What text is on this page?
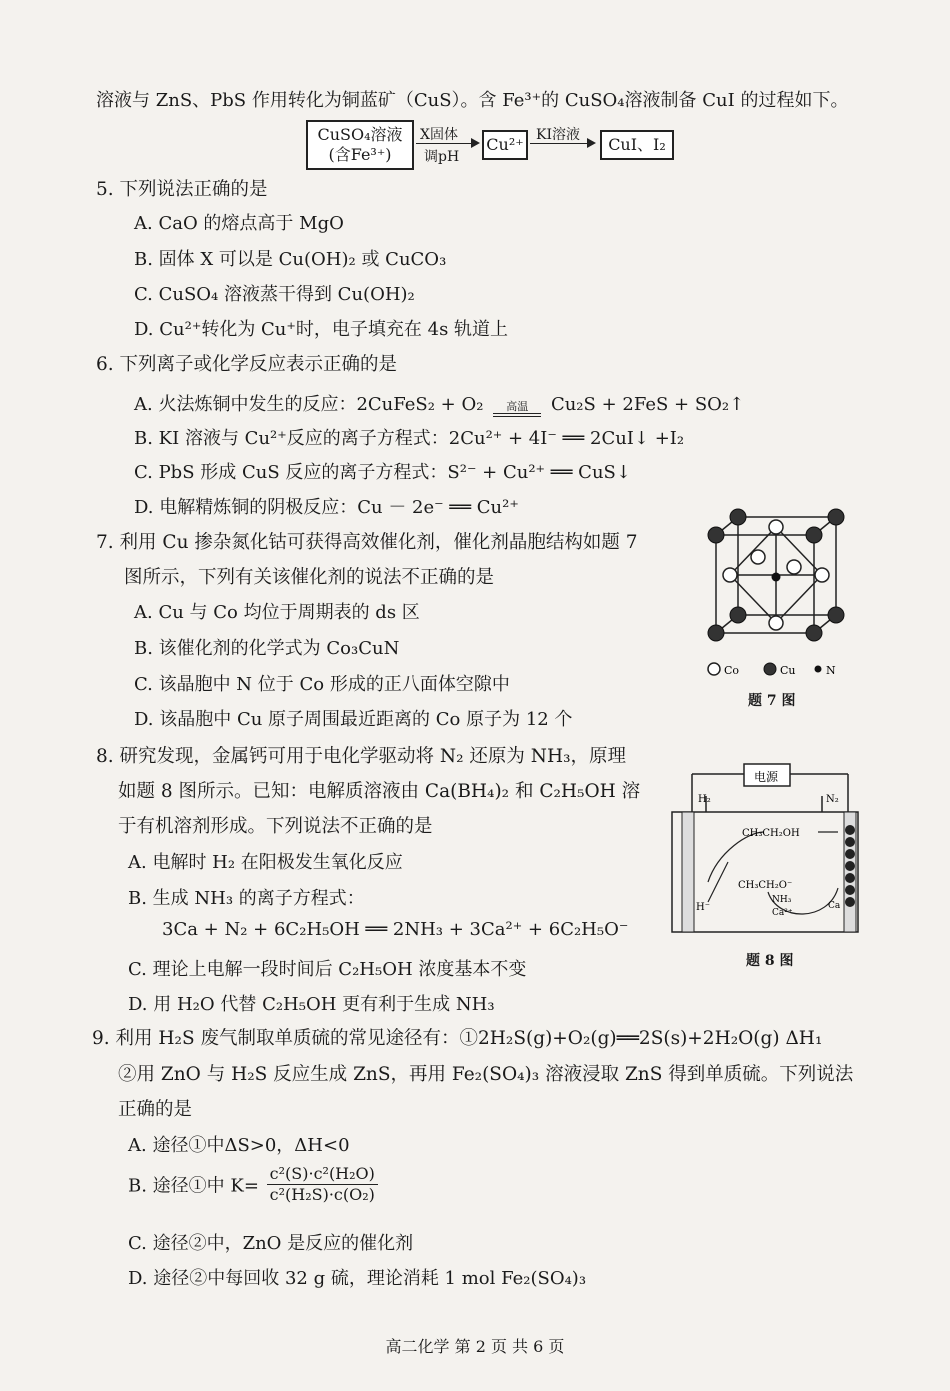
溶液与 ZnS、PbS 作用转化为铜蓝矿（CuS）。含 Fe³⁺的 CuSO₄溶液制备 CuI 的过程如下。
CuSO₄溶液
(含Fe³⁺)
X固体
调pH
Cu²⁺ KI溶液	CuI、I₂
5. 下列说法正确的是
A. CaO 的熔点高于 MgO
B. 固体 X 可以是 Cu(OH)₂ 或 CuCO₃
C. CuSO₄ 溶液蒸干得到 Cu(OH)₂
D. Cu²⁺转化为 Cu⁺时，电子填充在 4s 轨道上
6. 下列离子或化学反应表示正确的是
A. 火法炼铜中发生的反应：2CuFeS₂ + O₂	高温	Cu₂S + 2FeS + SO₂↑
B. KI 溶液与 Cu²⁺反应的离子方程式：2Cu²⁺ + 4I⁻ ══ 2CuI↓ +I₂
C. PbS 形成 CuS 反应的离子方程式：S²⁻ + Cu²⁺ ══ CuS↓
D. 电解精炼铜的阴极反应：Cu － 2e⁻ ══ Cu²⁺
7. 利用 Cu 掺杂氮化钴可获得高效催化剂，催化剂晶胞结构如题 7
图所示，下列有关该催化剂的说法不正确的是
A. Cu 与 Co 均位于周期表的 ds 区
B. 该催化剂的化学式为 Co₃CuN
C. 该晶胞中 N 位于 Co 形成的正八面体空隙中
D. 该晶胞中 Cu 原子周围最近距离的 Co 原子为 12 个
Co	Cu	N
题 7 图
8. 研究发现，金属钙可用于电化学驱动将 N₂ 还原为 NH₃，原理
如题 8 图所示。已知：电解质溶液由 Ca(BH₄)₂ 和 C₂H₅OH 溶
于有机溶剂形成。下列说法不正确的是
A. 电解时 H₂ 在阳极发生氧化反应
B. 生成 NH₃ 的离子方程式：
3Ca + N₂ + 6C₂H₅OH ══ 2NH₃ + 3Ca²⁺ + 6C₂H₅O⁻
C. 理论上电解一段时间后 C₂H₅OH 浓度基本不变
D. 用 H₂O 代替 C₂H₅OH 更有利于生成 NH₃
电源
H₂	N₂
CH₃CH₂OH
CH₃CH₂O⁻
NH₃
Ca²⁺
Ca
H⁻
题 8 图
9. 利用 H₂S 废气制取单质硫的常见途径有：①2H₂S(g)+O₂(g)══2S(s)+2H₂O(g) ΔH₁
②用 ZnO 与 H₂S 反应生成 ZnS，再用 Fe₂(SO₄)₃ 溶液浸取 ZnS 得到单质硫。下列说法
正确的是
A. 途径①中ΔS>0，ΔH<0
B. 途径①中 $K= \frac{\text{c²(S)·c²(H₂O)}}{\text{c²(H₂S)·c(O₂)}}$
C. 途径②中，ZnO 是反应的催化剂
D. 途径②中每回收 32 g 硫，理论消耗 1 mol Fe₂(SO₄)₃
高二化学 第 2 页 共 6 页
